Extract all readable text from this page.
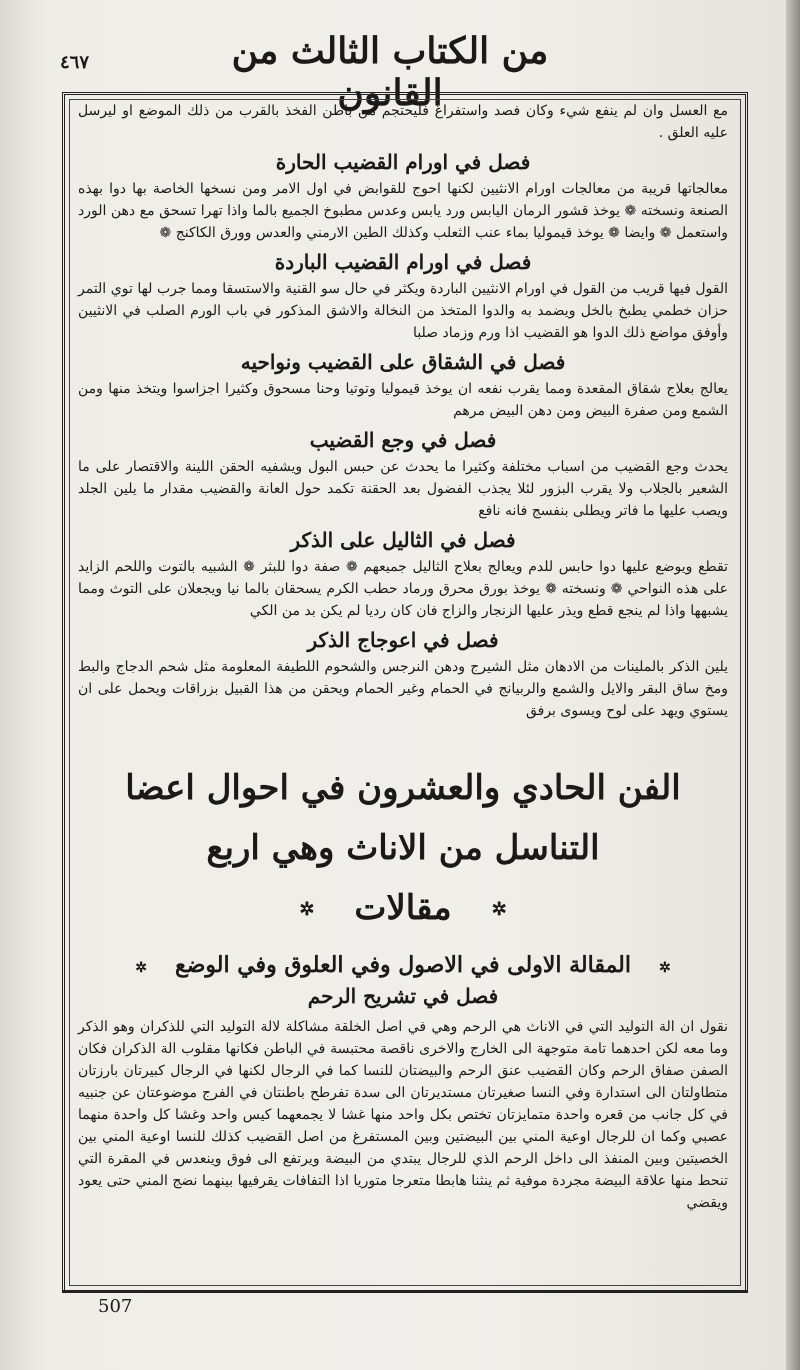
من الكتاب الثالث من القانون
٤٦٧

مع العسل وان لم ينفع شيء وكان فصد واستفراغ فليحتجم من باطن الفخذ بالقرب من ذلك الموضع او ليرسل عليه العلق .

فصل في اورام القضيب الحارة

معالجاتها قريبة من معالجات اورام الانثيين لكنها احوج للقوابض في اول الامر ومن نسخها الخاصة بها دوا بهذه الصنعة ونسخته ❁ يوخذ قشور الرمان اليابس ورد يابس وعدس مطبوخ الجميع بالما واذا تهرا تسحق مع دهن الورد واستعمل ❁ وايضا ❁ يوخذ قيموليا بماء عنب الثعلب وكذلك الطين الارمني والعدس وورق الكاكنج ❁

فصل في اورام القضيب الباردة

القول فيها قريب من القول في اورام الانثيين الباردة ويكثر في حال سو القنية والاستسقا ومما جرب لها توي التمر حزان خطمي يطبخ بالخل ويضمد به والدوا المتخذ من النخالة والاشق المذكور في باب الورم الصلب في الانثيين وأوفق مواضع ذلك الدوا هو القضيب اذا ورم وزماد صلبا

فصل في الشقاق على القضيب ونواحيه

يعالج بعلاج شقاق المقعدة ومما يقرب نفعه ان يوخذ قيموليا وتوتيا وحنا مسحوق وكثيرا اجزاسوا ويتخذ منها ومن الشمع ومن صفرة البيض ومن دهن البيض مرهم

فصل في وجع القضيب

يحدث وجع القضيب من اسباب مختلفة وكثيرا ما يحدث عن حبس البول ويشفيه الحقن اللينة والاقتصار على ما الشعير بالجلاب ولا يقرب البزور لئلا يجذب الفضول بعد الحقنة تكمد حول العانة والقضيب مقدار ما يلين الجلد ويصب عليها ما فاتر ويطلى بنفسج فانه نافع

فصل في الثاليل على الذكر

تقطع ويوضع عليها دوا حابس للدم ويعالج بعلاج الثاليل جميعهم ❁ صفة دوا للبثر ❁ الشبيه بالتوت واللحم الزايد على هذه النواحي ❁ ونسخته ❁ يوخذ بورق محرق ورماد حطب الكرم يسحقان بالما نيا ويجعلان على التوث ومما يشبهها واذا لم ينجع قطع ويذر عليها الزنجار والزاج فان كان رديا لم يكن بد من الكي

فصل في اعوجاج الذكر

يلين الذكر بالملينات من الادهان مثل الشيرج ودهن النرجس والشحوم اللطيفة المعلومة مثل شحم الدجاج والبط ومخ ساق البقر والايل والشمع والربيانج في الحمام وغير الحمام ويحقن من هذا القبيل بزراقات ويحمل على ان يستوي ويهد على لوح ويسوى برفق

الفن الحادي والعشرون في احوال اعضا
التناسل من الاناث وهي اربع
✲مقالات✲
✲المقالة الاولى في الاصول وفي العلوق وفي الوضع✲
فصل في تشريح الرحم

نقول ان الة التوليد التي في الاناث هي الرحم وهي في اصل الخلقة مشاكلة لالة التوليد التي للذكران وهو الذكر وما معه لكن احدهما تامة متوجهة الى الخارج والاخرى ناقصة محتبسة في الباطن فكانها مقلوب الة الذكران فكان الصفن صفاق الرحم وكان القضيب عنق الرحم والبيضتان للنسا كما في الرجال لكنها في الرجال كبيرتان بارزتان متطاولتان الى استدارة وفي النسا صغيرتان مستديرتان الى سدة تفرطح باطنتان في الفرج موضوعتان عن جنبيه في كل جانب من قعره واحدة متمايزتان تختص بكل واحد منها غشا لا يجمعهما كيس واحد وغشا كل واحدة منهما عصبي وكما ان للرجال اوعية المني بين البيضتين وبين المستفرغ من اصل القضيب كذلك للنسا اوعية المني بين الخصيتين وبين المنفذ الى داخل الرحم الذي للرجال يبتدي من البيضة ويرتفع الى فوق وينعدس في المقرة التي تنحط منها علاقة البيضة مجردة موفية ثم ينثنا هابطا متعرجا متوريا اذا التفافات يقرفيها بينهما نضج المني حتى يعود ويقضي

507
